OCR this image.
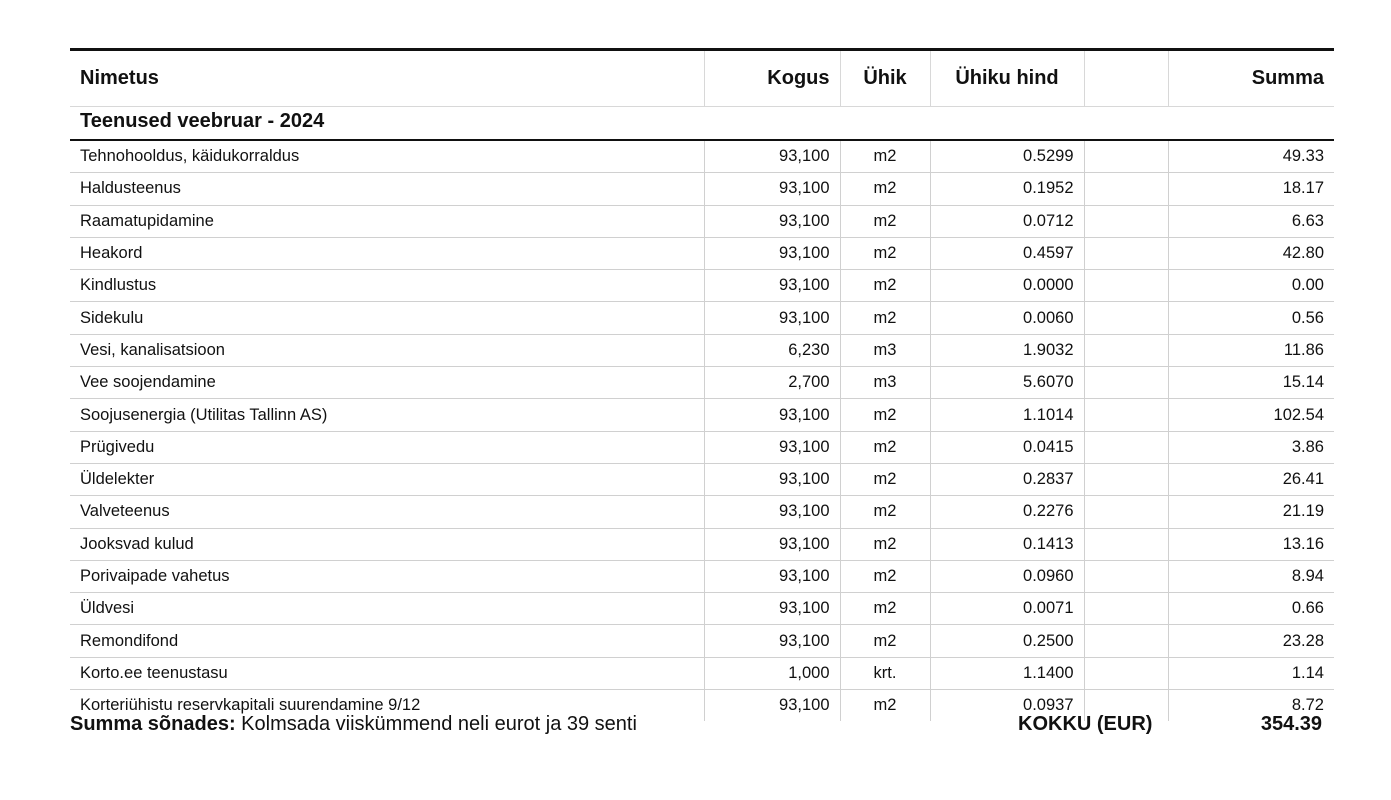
Nimetus	Kogus	Ühik	Ühiku hind		Summa

Teenused veebruar - 2024					

Tehnohooldus, käidukorraldus	93,100	m2	0.5299		49.33
Haldusteenus	93,100	m2	0.1952		18.17
Raamatupidamine	93,100	m2	0.0712		6.63
Heakord	93,100	m2	0.4597		42.80
Kindlustus	93,100	m2	0.0000		0.00
Sidekulu	93,100	m2	0.0060		0.56
Vesi, kanalisatsioon	6,230	m3	1.9032		11.86
Vee soojendamine	2,700	m3	5.6070		15.14
Soojusenergia (Utilitas Tallinn AS)	93,100	m2	1.1014		102.54
Prügivedu	93,100	m2	0.0415		3.86
Üldelekter	93,100	m2	0.2837		26.41
Valveteenus	93,100	m2	0.2276		21.19
Jooksvad kulud	93,100	m2	0.1413		13.16
Porivaipade vahetus	93,100	m2	0.0960		8.94
Üldvesi	93,100	m2	0.0071		0.66
Remondifond	93,100	m2	0.2500		23.28
Korto.ee teenustasu	1,000	krt.	1.1400		1.14
Korteriühistu reservkapitali suurendamine 9/12	93,100	m2	0.0937		8.72
Summa sõnades: Kolmsada viiskümmend neli eurot ja 39 senti	KOKKU (EUR)	354.39
